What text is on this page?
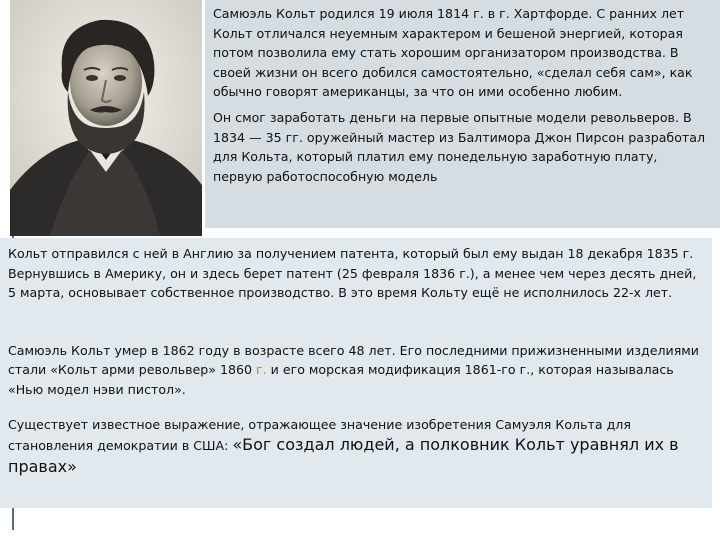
Самюэль Кольт родился 19 июля 1814 г. в г. Хартфорде. С ранних лет Кольт отличался неуемным характером и бешеной энергией, которая потом позволила ему стать хорошим организатором производства. В своей жизни он всего добился самостоятельно, «сделал себя сам», как обычно говорят американцы, за что он ими особенно любим.

Он смог заработать деньги на первые опытные модели револьверов. В 1834 — 35 гг. оружейный мастер из Балтимора Джон Пирсон разработал для Кольта, который платил ему понедельную заработную плату, первую работоспособную модель

Кольт отправился с ней в Англию за получением патента, который был ему выдан 18 декабря 1835 г. Вернувшись в Америку, он и здесь берет патент (25 февраля 1836 г.), а менее чем через десять дней, 5 марта, основывает собственное производство. В это время Кольту ещё не исполнилось 22-х лет.

Самюэль Кольт умер в 1862 году в возрасте всего 48 лет. Его последними прижизненными изделиями стали «Кольт арми револьвер» 1860 г. и его морская модификация 1861-го г., которая называлась «Нью модел нэви пистол».

Существует известное выражение, отражающее значение изобретения Самуэля Кольта для становления демократии в США: «Бог создал людей, а полковник Кольт уравнял их в правах»
